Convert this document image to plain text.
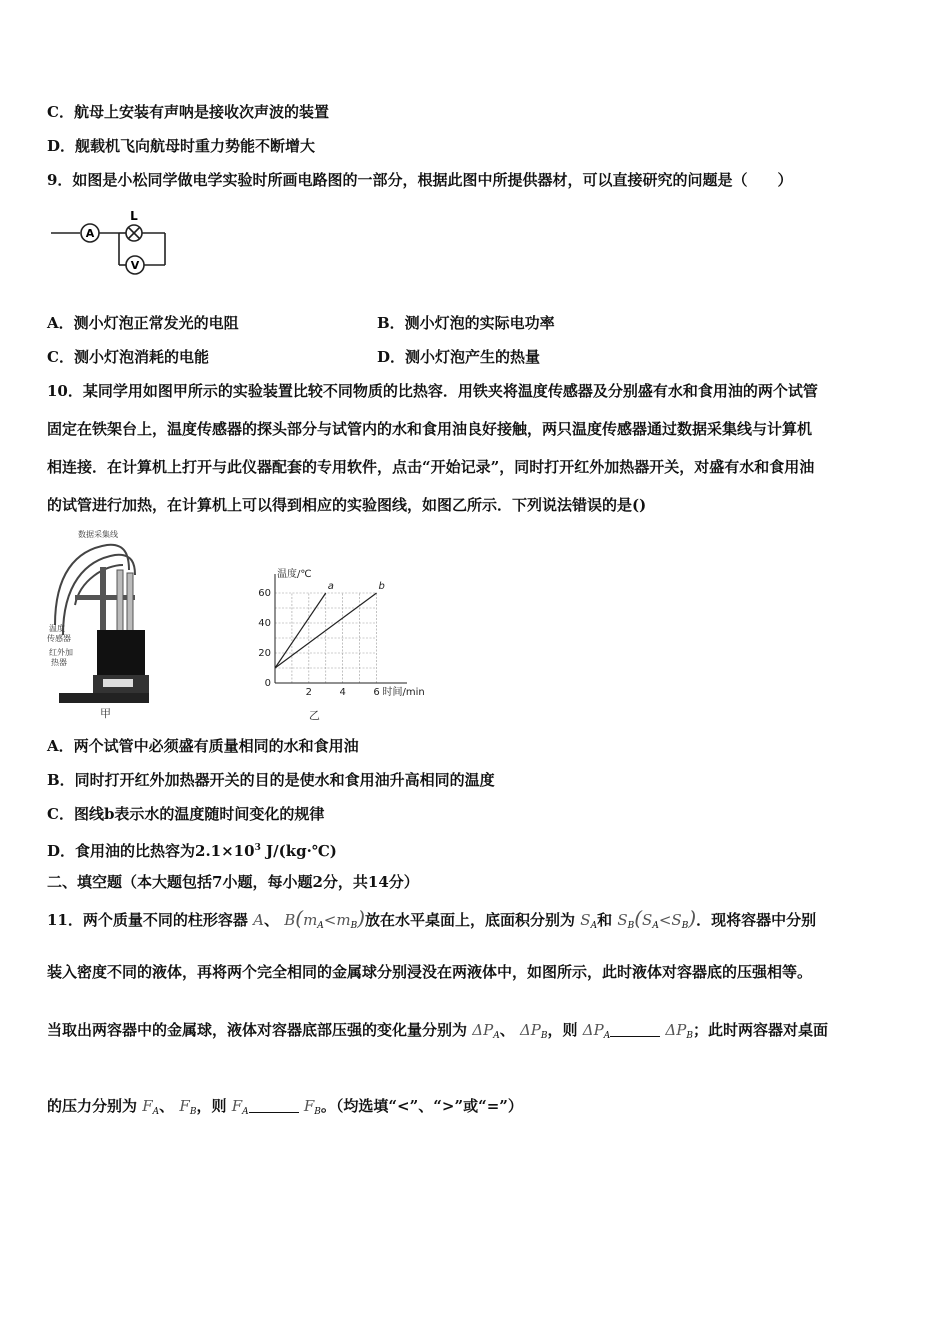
C．航母上安装有声呐是接收次声波的装置
D．舰载机飞向航母时重力势能不断增大
9．如图是小松同学做电学实验时所画电路图的一部分，根据此图中所提供器材，可以直接研究的问题是（　　）
A
L
V
A．测小灯泡正常发光的电阻	B．测小灯泡的实际电功率
C．测小灯泡消耗的电能	D．测小灯泡产生的热量
10．某同学用如图甲所示的实验装置比较不同物质的比热容．用铁夹将温度传感器及分别盛有水和食用油的两个试管
固定在铁架台上，温度传感器的探头部分与试管内的水和食用油良好接触，两只温度传感器通过数据采集线与计算机
相连接．在计算机上打开与此仪器配套的专用软件，点击“开始记录”，同时打开红外加热器开关，对盛有水和食用油
的试管进行加热，在计算机上可以得到相应的实验图线，如图乙所示．下列说法错误的是()
数据采集线
温度
传感器
红外加
热器
甲
2	4	6
0
20
40
60
温度/℃
时间/min
a	b
乙
A．两个试管中必须盛有质量相同的水和食用油
B．同时打开红外加热器开关的目的是使水和食用油升高相同的温度
C．图线b表示水的温度随时间变化的规律
D．食用油的比热容为$2.1\times 10^3$ J/(kg·℃)
二、填空题（本大题包括7小题，每小题2分，共14分）
11．两个质量不同的柱形容器 A、 $B(m_A<m_B)$放在水平桌面上，底面积分别为 $S_A$和 $S_B(S_A<S_B)$．现将容器中分别
装入密度不同的液体，再将两个完全相同的金属球分别浸没在两液体中，如图所示，此时液体对容器底的压强相等。
当取出两容器中的金属球，液体对容器底部压强的变化量分别为 $\Delta P_A$、 $\Delta P_B$，则 $\Delta P_A$	$\Delta P_B$；此时两容器对桌面
的压力分别为 $F_A$、 $F_B$，则 $F_A$	$F_B$。（均选填“<”、“>”或“=”）
